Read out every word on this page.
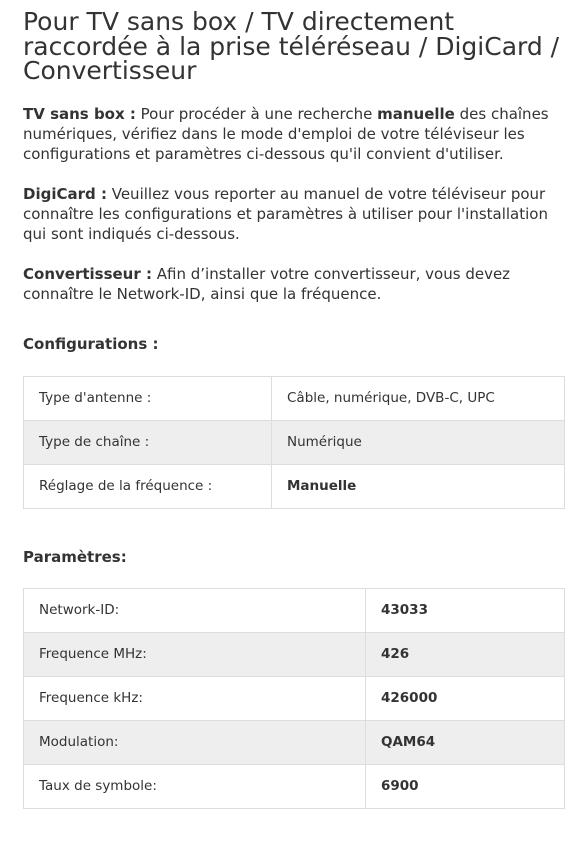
Pour TV sans box / TV directement raccordée à la prise téléréseau / DigiCard / Convertisseur

TV sans box : Pour procéder à une recherche manuelle des chaînes numériques, vérifiez dans le mode d'emploi de votre téléviseur les configurations et paramètres ci-dessous qu'il convient d'utiliser.

DigiCard : Veuillez vous reporter au manuel de votre téléviseur pour connaître les configurations et paramètres à utiliser pour l'installation qui sont indiqués ci-dessous.

Convertisseur : Afin d’installer votre convertisseur, vous devez connaître le Network-ID, ainsi que la fréquence.

Configurations :
Type d'antenne :	Câble, numérique, DVB-C, UPC
Type de chaîne :	Numérique
Réglage de la fréquence :	Manuelle
Paramètres:
Network-ID:	43033
Frequence MHz:	426
Frequence kHz:	426000
Modulation:	QAM64
Taux de symbole:	6900
